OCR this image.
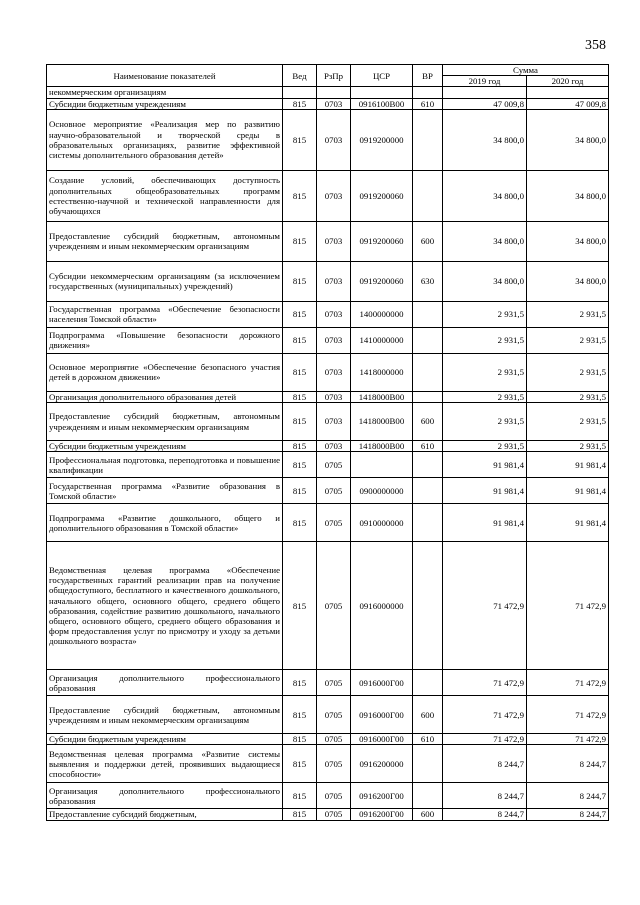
358
Наименование показателей	Вед	РзПр	ЦСР	ВР	Сумма	
					2019 год	2020 год
некоммерческим организациям						
Субсидии бюджетным учреждениям	815	0703	0916100В00	610	47 009,8	47 009,8
Основное мероприятие «Реализация мер по развитию научно-образовательной и творческой среды в образовательных организациях, развитие эффективной системы дополнительного образования детей»	815	0703	0919200000		34 800,0	34 800,0
Создание условий, обеспечивающих доступность дополнительных общеобразовательных программ естественно-научной и технической направленности для обучающихся	815	0703	0919200060		34 800,0	34 800,0
Предоставление субсидий бюджетным, автономным учреждениям и иным некоммерческим организациям	815	0703	0919200060	600	34 800,0	34 800,0
Субсидии некоммерческим организациям (за исключением государственных (муниципальных) учреждений)	815	0703	0919200060	630	34 800,0	34 800,0
Государственная программа «Обеспечение безопасности населения Томской области»	815	0703	1400000000		2 931,5	2 931,5
Подпрограмма «Повышение безопасности дорожного движения»	815	0703	1410000000		2 931,5	2 931,5
Основное мероприятие «Обеспечение безопасного участия детей в дорожном движении»	815	0703	1418000000		2 931,5	2 931,5
Организация дополнительного образования детей	815	0703	1418000В00		2 931,5	2 931,5
Предоставление субсидий бюджетным, автономным учреждениям и иным некоммерческим организациям	815	0703	1418000В00	600	2 931,5	2 931,5
Субсидии бюджетным учреждениям	815	0703	1418000В00	610	2 931,5	2 931,5
Профессиональная подготовка, переподготовка и повышение квалификации	815	0705			91 981,4	91 981,4
Государственная программа «Развитие образования в Томской области»	815	0705	0900000000		91 981,4	91 981,4
Подпрограмма «Развитие дошкольного, общего и дополнительного образования в Томской области»	815	0705	0910000000		91 981,4	91 981,4
Ведомственная целевая программа «Обеспечение государственных гарантий реализации прав на получение общедоступного, бесплатного и качественного дошкольного, начального общего, основного общего, среднего общего образования, содействие развитию дошкольного, начального общего, основного общего, среднего общего образования и форм предоставления услуг по присмотру и уходу за детьми дошкольного возраста»	815	0705	0916000000		71 472,9	71 472,9
Организация дополнительного профессионального образования	815	0705	0916000Г00		71 472,9	71 472,9
Предоставление субсидий бюджетным, автономным учреждениям и иным некоммерческим организациям	815	0705	0916000Г00	600	71 472,9	71 472,9
Субсидии бюджетным учреждениям	815	0705	0916000Г00	610	71 472,9	71 472,9
Ведомственная целевая программа «Развитие системы выявления и поддержки детей, проявивших выдающиеся способности»	815	0705	0916200000		8 244,7	8 244,7
Организация дополнительного профессионального образования	815	0705	0916200Г00		8 244,7	8 244,7
Предоставление субсидий бюджетным,	815	0705	0916200Г00	600	8 244,7	8 244,7
